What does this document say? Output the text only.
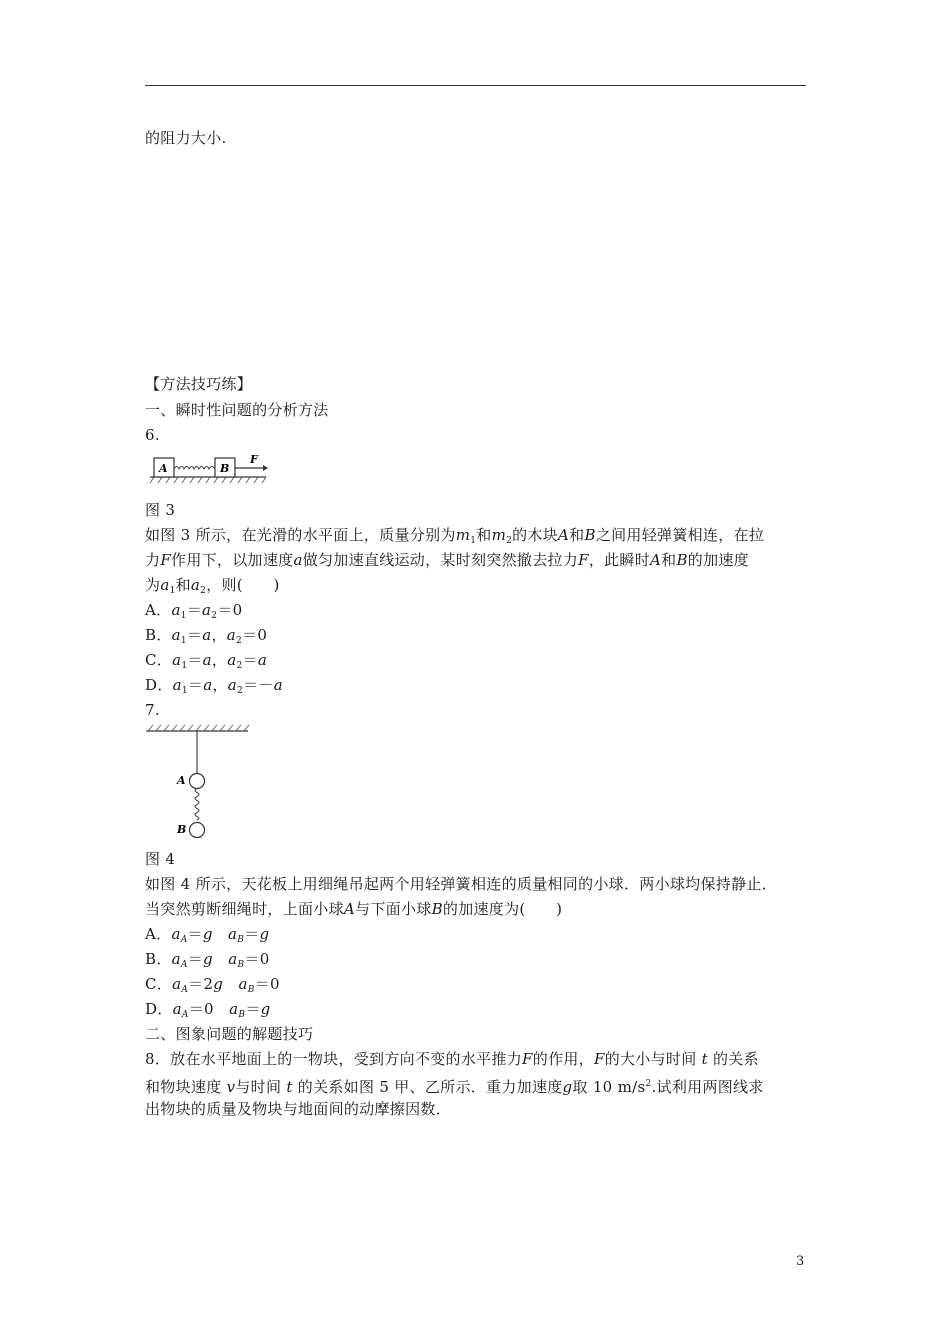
的阻力大小.
【方法技巧练】
一、瞬时性问题的分析方法
6.
A	B
F
图 3
如图 3 所示，在光滑的水平面上，质量分别为$m_1$和$m_2$的木块A和B之间用轻弹簧相连，在拉
力F作用下，以加速度a做匀加速直线运动，某时刻突然撤去拉力F，此瞬时A和B的加速度
为$a_1$和$a_2$，则(　　)
A．$a_1=a_2=0$
B．$a_1=a$，$a_2=0$
C．$a_1=a$，$a_2=a$
D．$a_1=a$，$a_2=-a$
7.
A
B
图 4
如图 4 所示，天花板上用细绳吊起两个用轻弹簧相连的质量相同的小球．两小球均保持静止．
当突然剪断细绳时，上面小球A与下面小球B的加速度为(　　)
A．$a_A=g$  $a_B=g$
B．$a_A=g$  $a_B=0$
C．$a_A=2g$  $a_B=0$
D．$a_A=0$  $a_B=g$
二、图象问题的解题技巧
8．放在水平地面上的一物块，受到方向不变的水平推力F的作用，F的大小与时间 t 的关系
和物块速度 v与时间 t 的关系如图 5 甲、乙所示．重力加速度g取 10 $m/s^2$.试利用两图线求
出物块的质量及物块与地面间的动摩擦因数．
3
